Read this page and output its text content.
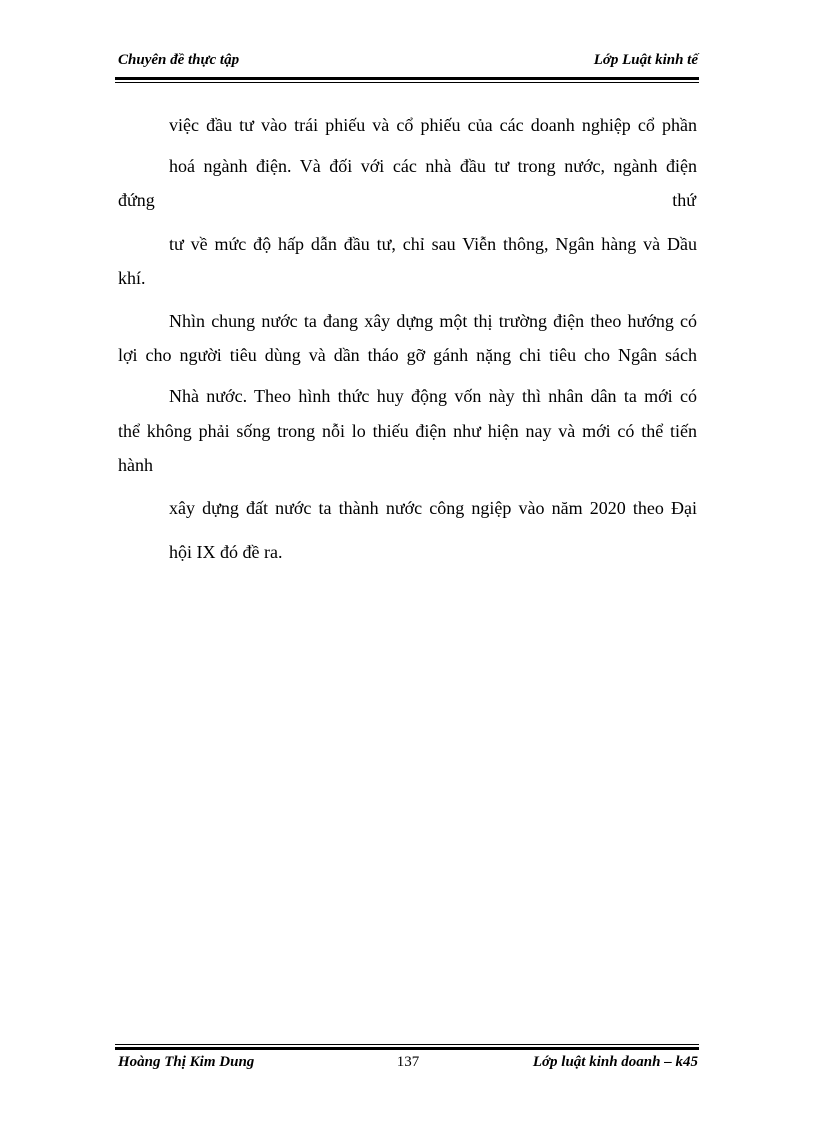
Chuyên đề thực tập	Lớp Luật kinh tế
việc đầu tư vào trái phiếu và cổ phiếu của các doanh nghiệp cổ phần
hoá ngành điện. Và đối với các nhà đầu tư trong nước, ngành điện
đứng	thứ
tư về mức độ hấp dẫn đầu tư, chỉ sau Viễn thông, Ngân hàng và Dầu
khí.
Nhìn chung nước ta đang xây dựng một thị trường điện theo hướng có
lợi cho người tiêu dùng và dần tháo gỡ gánh nặng chi tiêu cho Ngân sách
Nhà nước. Theo hình thức huy động vốn này thì nhân dân ta mới có
thể không phải sống trong nỗi lo thiếu điện như hiện nay và mới có thể tiến
hành
xây dựng đất nước ta thành nước công ngiệp vào năm 2020 theo Đại
hội IX đó đề ra.
Hoàng Thị Kim Dung	137	Lớp luật kinh doanh – k45
